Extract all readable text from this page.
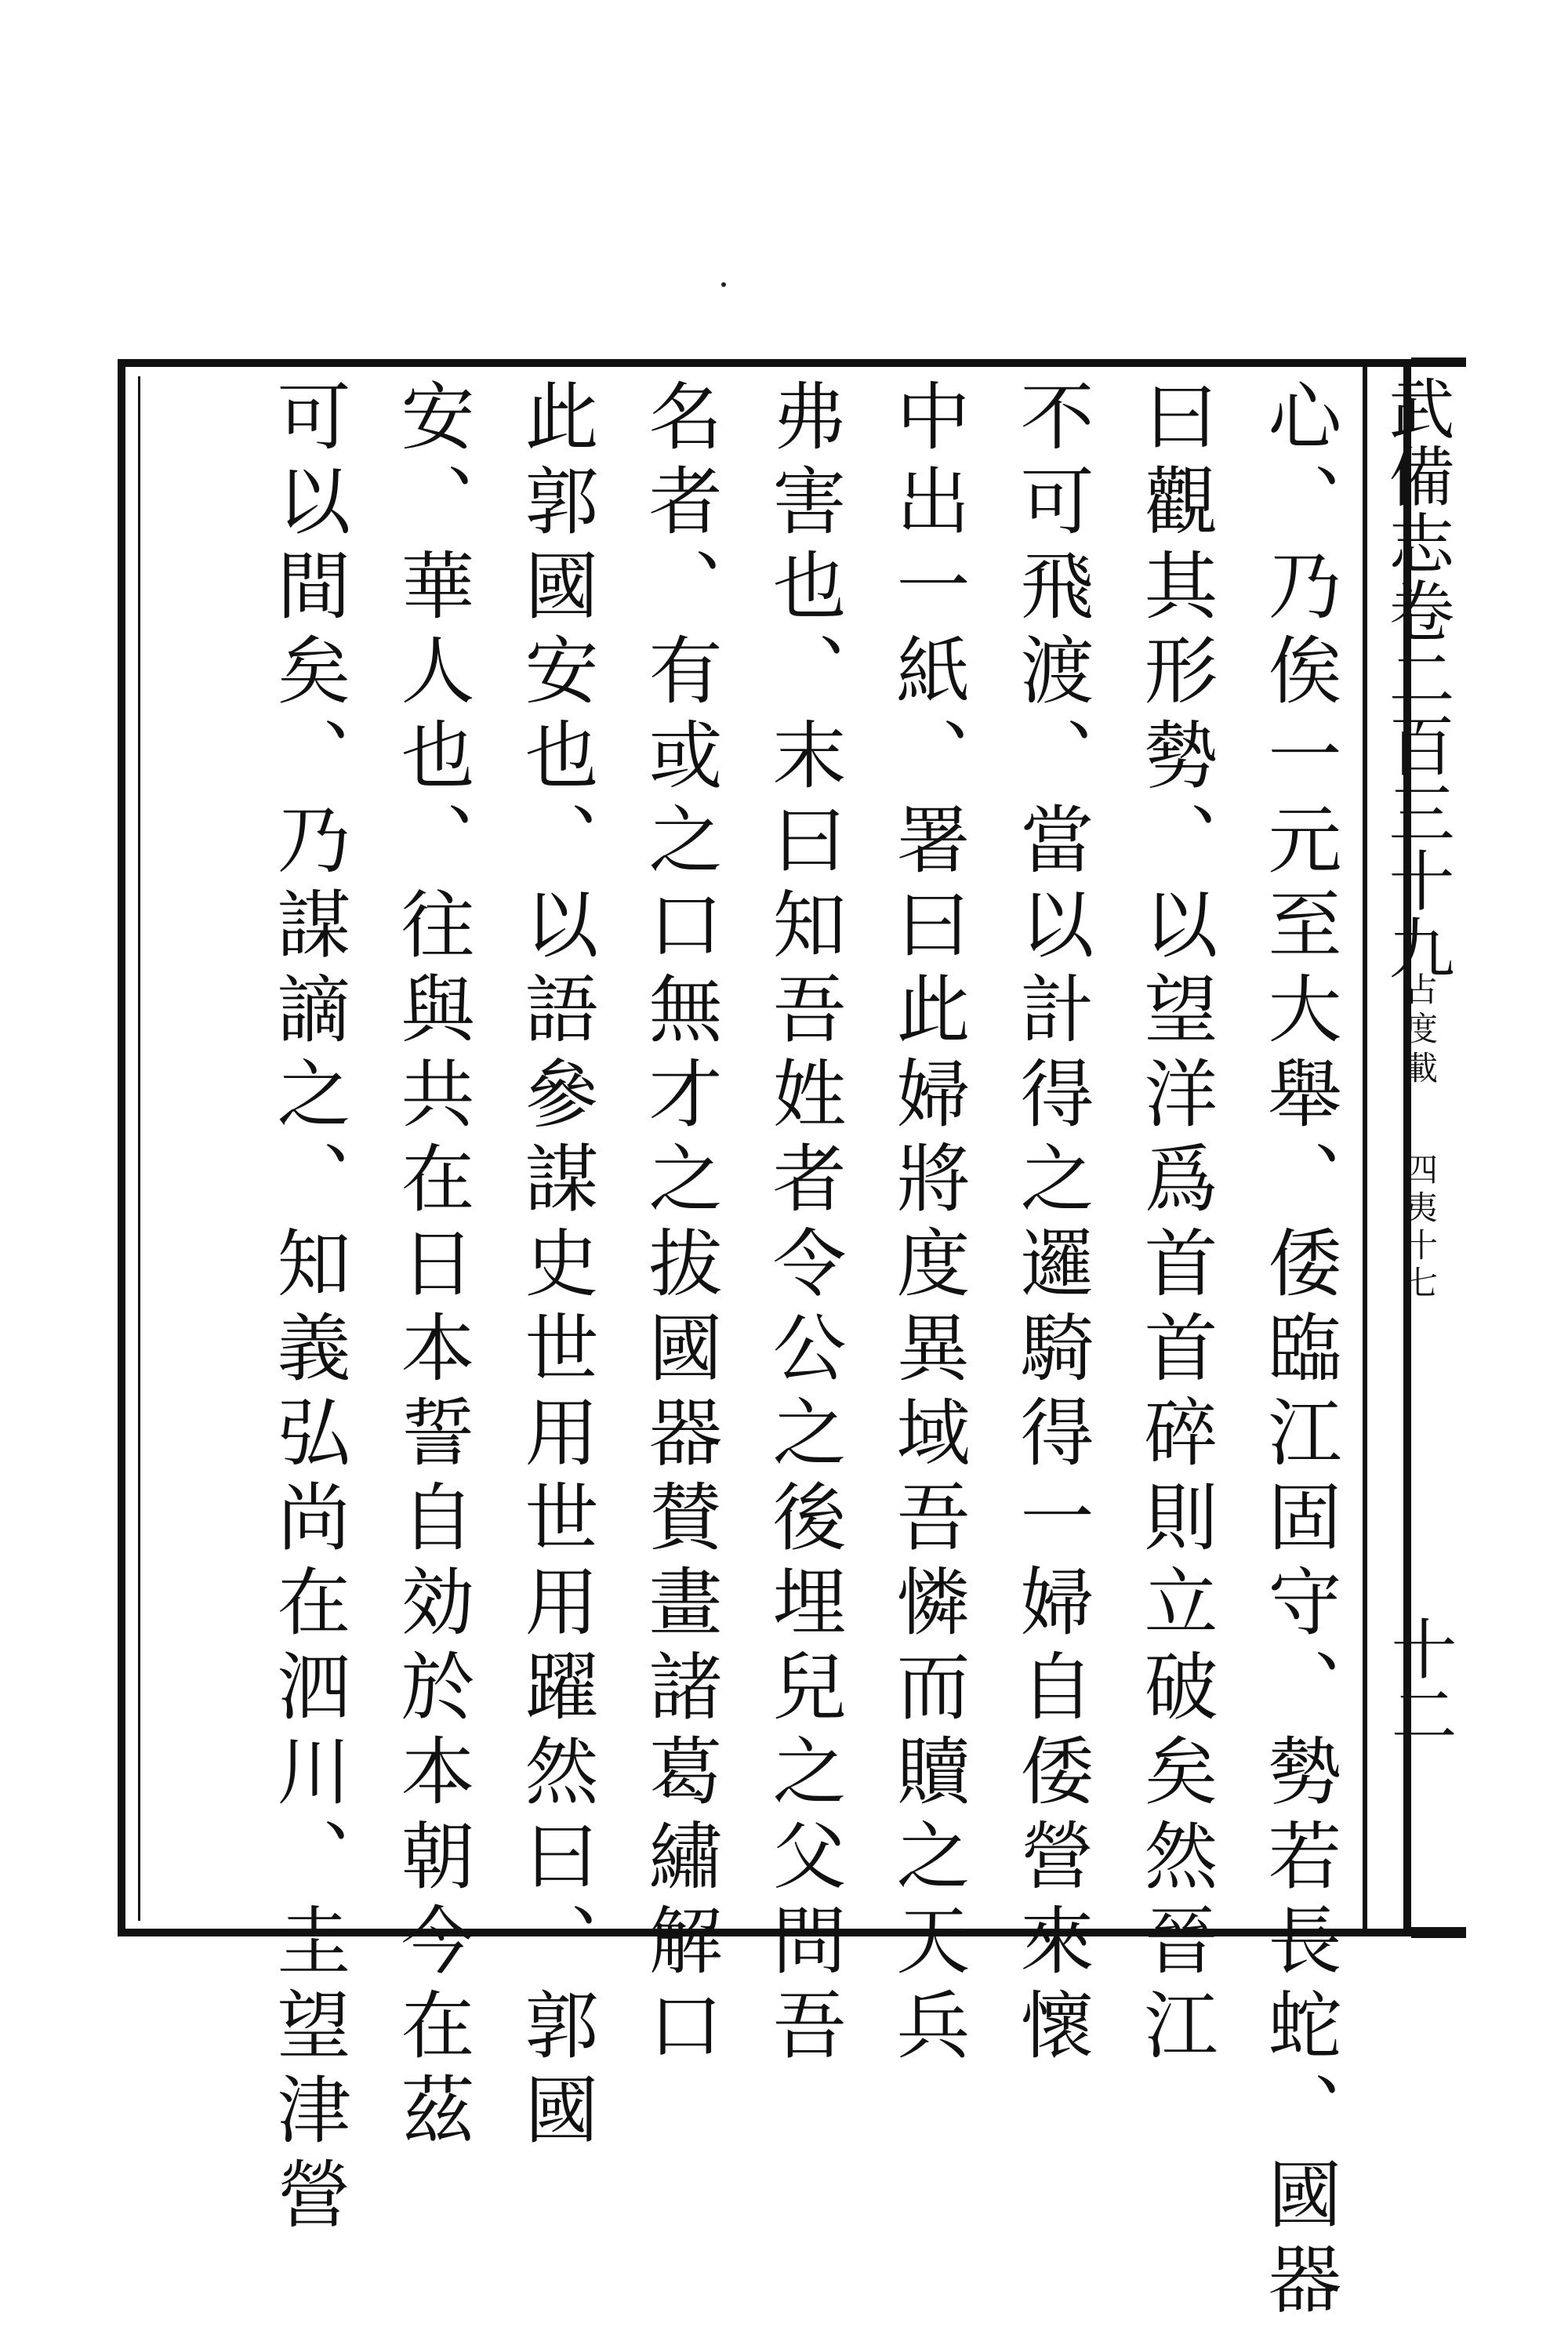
武備志卷二百三十九
占度載
四夷十七
十二
心、乃俟一元至大舉、倭臨江固守、勢若長蛇、國器
曰觀其形勢、以望洋爲首首碎則立破矣然晉江
不可飛渡、當以計得之邏騎得一婦自倭營來懷
中出一紙、署曰此婦將度異域吾憐而贖之天兵
弗害也、末曰知吾姓者令公之後埋兒之父問吾
名者、有或之口無才之拔國器賛畫諸葛繡解口
此郭國安也、以語參謀史世用世用躍然曰、郭國
安、華人也、往與共在日本誓自効於本朝今在茲
可以間矣、乃謀謫之、知義弘尚在泗川、圭望津營
